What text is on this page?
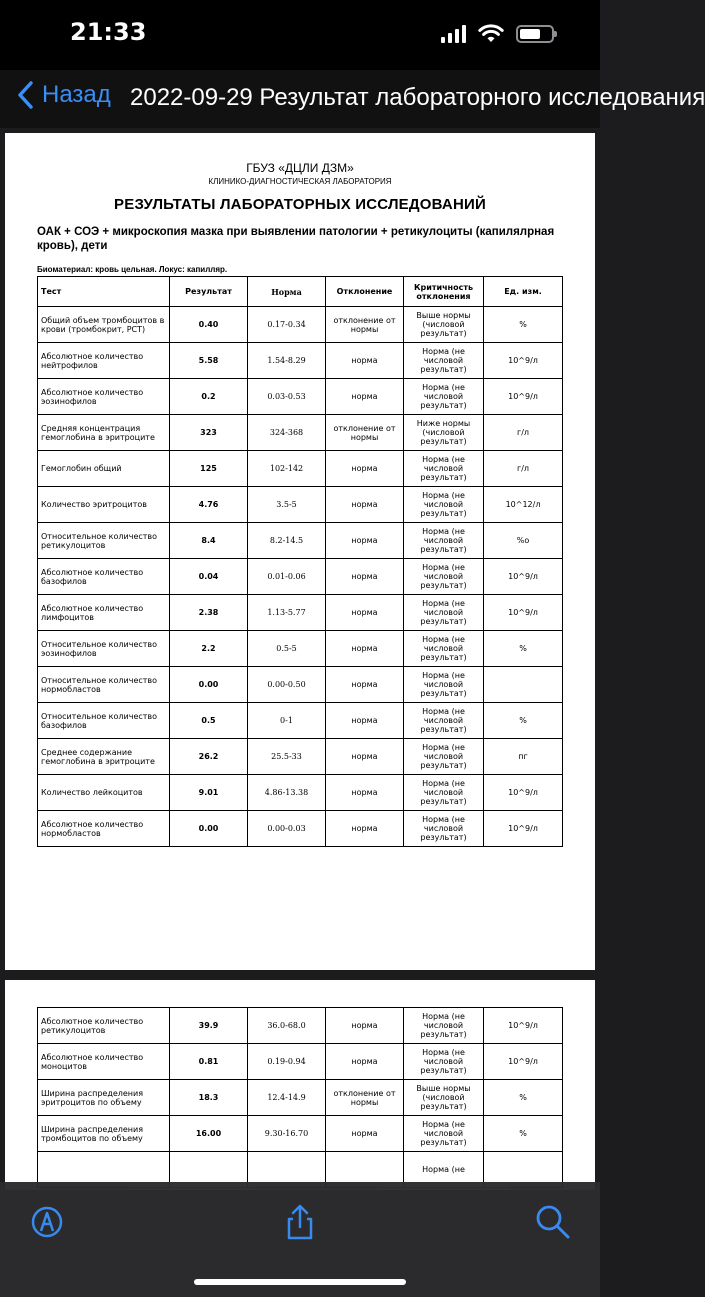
21:33
Назад 2022-09-29 Результат лабораторного исследования
ГБУЗ «ДЦЛИ ДЗМ»
КЛИНИКО-ДИАГНОСТИЧЕСКАЯ ЛАБОРАТОРИЯ
РЕЗУЛЬТАТЫ ЛАБОРАТОРНЫХ ИССЛЕДОВАНИЙ
ОАК + СОЭ + микроскопия мазка при выявлении патологии + ретикулоциты (капилялрная кровь), дети
Биоматериал: кровь цельная. Локус: капилляр.
Тест	Результат	Норма	Отклонение	Критичность отклонения	Ед. изм.
Общий объем тромбоцитов в крови (тромбокрит, PCT)	0.40	0.17-0.34	отклонение от нормы	Выше нормы (числовой результат)	%
Абсолютное количество нейтрофилов	5.58	1.54-8.29	норма	Норма (не числовой результат)	10^9/л
Абсолютное количество эозинофилов	0.2	0.03-0.53	норма	Норма (не числовой результат)	10^9/л
Средняя концентрация гемоглобина в эритроците	323	324-368	отклонение от нормы	Ниже нормы (числовой результат)	г/л
Гемоглобин общий	125	102-142	норма	Норма (не числовой результат)	г/л
Количество эритроцитов	4.76	3.5-5	норма	Норма (не числовой результат)	10^12/л
Относительное количество ретикулоцитов	8.4	8.2-14.5	норма	Норма (не числовой результат)	%о
Абсолютное количество базофилов	0.04	0.01-0.06	норма	Норма (не числовой результат)	10^9/л
Абсолютное количество лимфоцитов	2.38	1.13-5.77	норма	Норма (не числовой результат)	10^9/л
Относительное количество эозинофилов	2.2	0.5-5	норма	Норма (не числовой результат)	%
Относительное количество нормобластов	0.00	0.00-0.50	норма	Норма (не числовой результат)	
Относительное количество базофилов	0.5	0-1	норма	Норма (не числовой результат)	%
Среднее содержание гемоглобина в эритроците	26.2	25.5-33	норма	Норма (не числовой результат)	пг
Количество лейкоцитов	9.01	4.86-13.38	норма	Норма (не числовой результат)	10^9/л
Абсолютное количество нормобластов	0.00	0.00-0.03	норма	Норма (не числовой результат)	10^9/л
Абсолютное количество ретикулоцитов	39.9	36.0-68.0	норма	Норма (не числовой результат)	10^9/л
Абсолютное количество моноцитов	0.81	0.19-0.94	норма	Норма (не числовой результат)	10^9/л
Ширина распределения эритроцитов по объему	18.3	12.4-14.9	отклонение от нормы	Выше нормы (числовой результат)	%
Ширина распределения тромбоцитов по объему	16.00	9.30-16.70	норма	Норма (не числовой результат)	%
				Норма (не	
